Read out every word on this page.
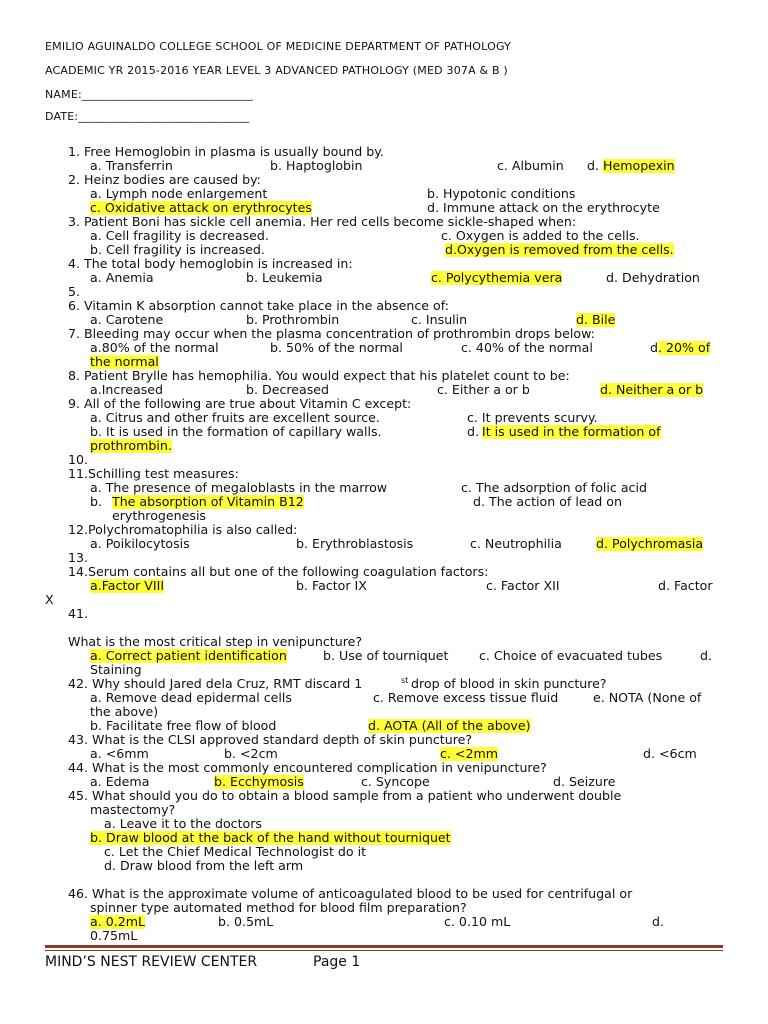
EMILIO AGUINALDO COLLEGE SCHOOL OF MEDICINE DEPARTMENT OF PATHOLOGY
ACADEMIC YR 2015-2016 YEAR LEVEL 3 ADVANCED PATHOLOGY (MED 307A & B )
NAME:______________________________
DATE:______________________________
1. Free Hemoglobin in plasma is usually bound by.
a. Transferrin	b. Haptoglobin	c. Albumin d. Hemopexin
2. Heinz bodies are caused by:
a. Lymph node enlargement	b. Hypotonic conditions
c. Oxidative attack on erythrocytes	d. Immune attack on the erythrocyte
3. Patient Boni has sickle cell anemia. Her red cells become sickle-shaped when:
a. Cell fragility is decreased.	c. Oxygen is added to the cells.
b. Cell fragility is increased.	d.Oxygen is removed from the cells.
4. The total body hemoglobin is increased in:
a. Anemia	b. Leukemia	c. Polycythemia vera	d. Dehydration
5.
6. Vitamin K absorption cannot take place in the absence of:
a. Carotene	b. Prothrombin	c. Insulin	d. Bile
7. Bleeding may occur when the plasma concentration of prothrombin drops below:
a.80% of the normal	b. 50% of the normal	c. 40% of the normal	d . 20% of
the normal
8. Patient Brylle has hemophilia. You would expect that his platelet count to be:
a.Increased	b. Decreased	c. Either a or b	d. Neither a or b
9. All of the following are true about Vitamin C except:
a. Citrus and other fruits are excellent source.	c. It prevents scurvy.
b. It is used in the formation of capillary walls.	d. It is used in the formation of
prothrombin.
10.
11.Schilling test measures:
a. The presence of megaloblasts in the marrow	c. The adsorption of folic acid
b. The absorption of Vitamin B12	d. The action of lead on
erythrogenesis
12.Polychromatophilia is also called:
a. Poikilocytosis	b. Erythroblastosis	c. Neutrophilia	d. Polychromasia
13.
14.Serum contains all but one of the following coagulation factors:
a.Factor VIII	b. Factor IX	c. Factor XII	d. Factor
X
41.
What is the most critical step in venipuncture?
a. Correct patient identification	b. Use of tourniquet c. Choice of evacuated tubes	d.
Staining
42. Why should Jared dela Cruz, RMT discard 1	st drop of blood in skin puncture?
a. Remove dead epidermal cells	c. Remove excess tissue fluid	e. NOTA (None of
the above)
b. Facilitate free flow of blood	d. AOTA (All of the above)
43. What is the CLSI approved standard depth of skin puncture?
a. <6mm	b. <2cm	c. <2mm	d. <6cm
44. What is the most commonly encountered complication in venipuncture?
a. Edema	b. Ecchymosis	c. Syncope	d. Seizure
45. What should you do to obtain a blood sample from a patient who underwent double
mastectomy?
a. Leave it to the doctors
b. Draw blood at the back of the hand without tourniquet
c. Let the Chief Medical Technologist do it
d. Draw blood from the left arm
46. What is the approximate volume of anticoagulated blood to be used for centrifugal or
spinner type automated method for blood film preparation?
a. 0.2mL	b. 0.5mL	c. 0.10 mL	d.
0.75mL
MIND’S NEST REVIEW CENTER	Page 1
